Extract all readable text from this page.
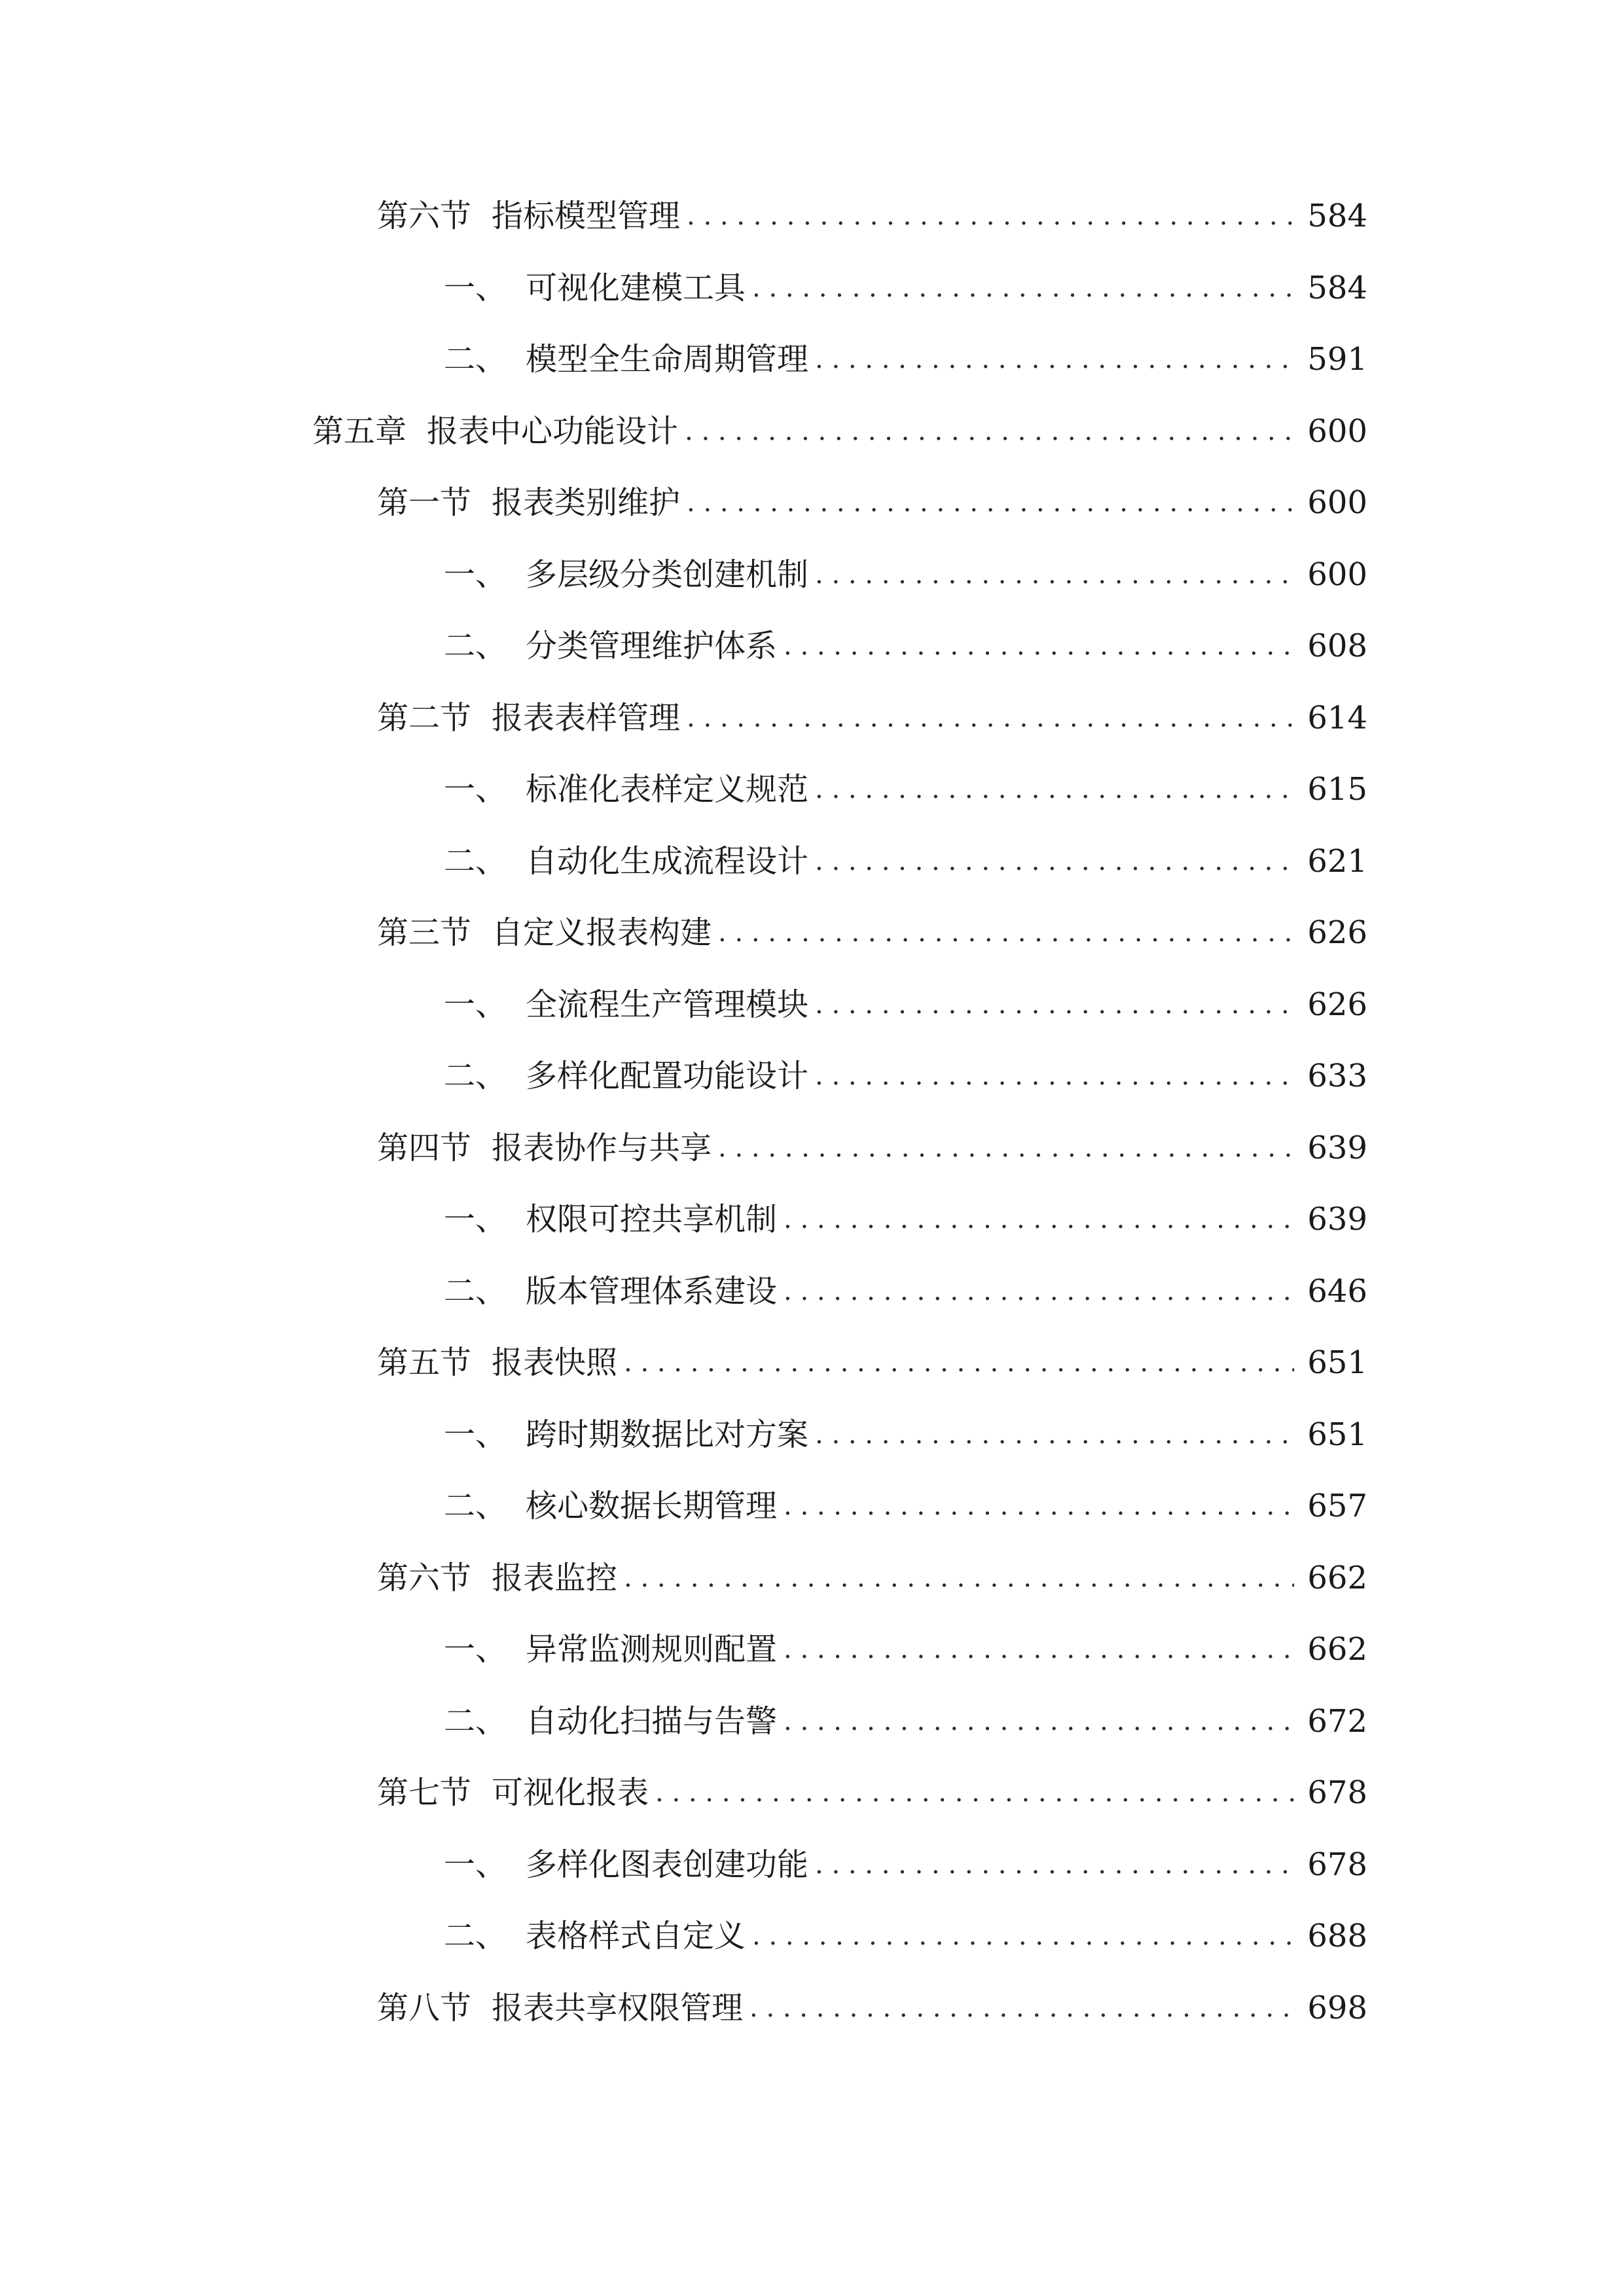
第六节 指标模型管理 . . .	584
一、 可视化建模工具 . . .	584
二、 模型全生命周期管理 . . .	591
第五章 报表中心功能设计 . . .	600
第一节 报表类别维护 . . .	600
一、 多层级分类创建机制 . . .	600
二、 分类管理维护体系 . . .	608
第二节 报表表样管理 . . .	614
一、 标准化表样定义规范 . . .	615
二、 自动化生成流程设计 . . .	621
第三节 自定义报表构建 . . .	626
一、 全流程生产管理模块 . . .	626
二、 多样化配置功能设计 . . .	633
第四节 报表协作与共享 . . .	639
一、 权限可控共享机制 . . .	639
二、 版本管理体系建设 . . .	646
第五节 报表快照 . . .	651
一、 跨时期数据比对方案 . . .	651
二、 核心数据长期管理 . . .	657
第六节 报表监控 . . .	662
一、 异常监测规则配置 . . .	662
二、 自动化扫描与告警 . . .	672
第七节 可视化报表 . . .	678
一、 多样化图表创建功能 . . .	678
二、 表格样式自定义 . . .	688
第八节 报表共享权限管理 . . .	698
